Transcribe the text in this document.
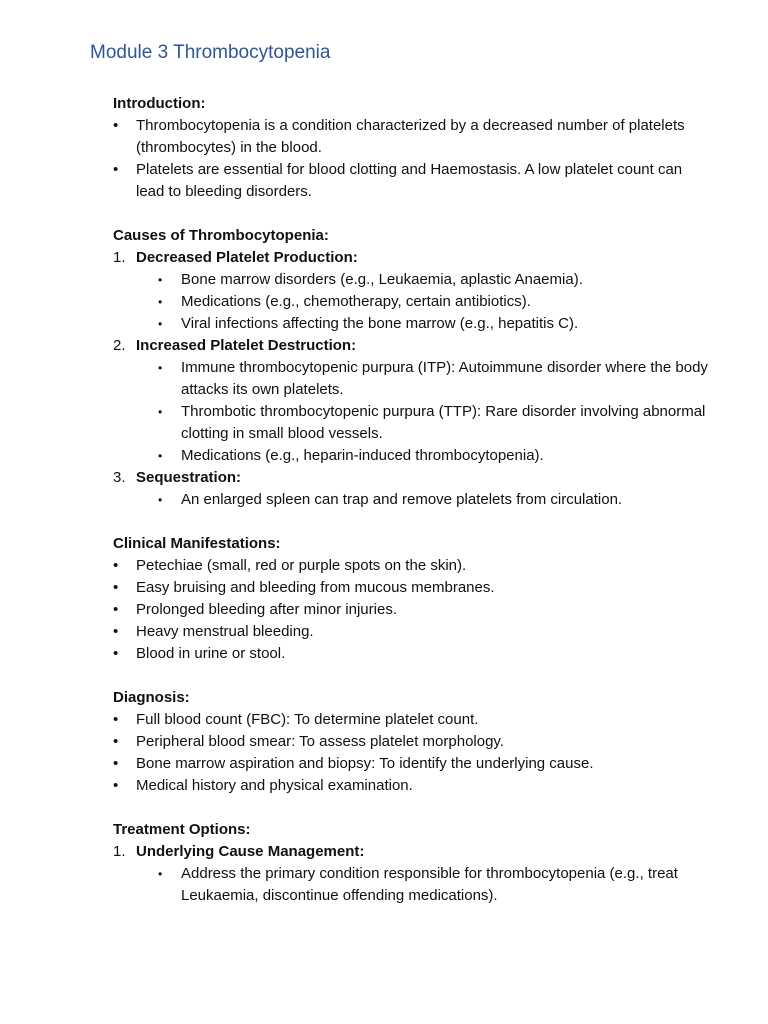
Module 3 Thrombocytopenia
Introduction:
• Thrombocytopenia is a condition characterized by a decreased number of platelets (thrombocytes) in the blood.
• Platelets are essential for blood clotting and Haemostasis. A low platelet count can lead to bleeding disorders.
Causes of Thrombocytopenia:
1. Decreased Platelet Production:
• Bone marrow disorders (e.g., Leukaemia, aplastic Anaemia).
• Medications (e.g., chemotherapy, certain antibiotics).
• Viral infections affecting the bone marrow (e.g., hepatitis C).
2. Increased Platelet Destruction:
• Immune thrombocytopenic purpura (ITP): Autoimmune disorder where the body attacks its own platelets.
• Thrombotic thrombocytopenic purpura (TTP): Rare disorder involving abnormal clotting in small blood vessels.
• Medications (e.g., heparin-induced thrombocytopenia).
3. Sequestration:
• An enlarged spleen can trap and remove platelets from circulation.
Clinical Manifestations:
• Petechiae (small, red or purple spots on the skin).
• Easy bruising and bleeding from mucous membranes.
• Prolonged bleeding after minor injuries.
• Heavy menstrual bleeding.
• Blood in urine or stool.
Diagnosis:
• Full blood count (FBC): To determine platelet count.
• Peripheral blood smear: To assess platelet morphology.
• Bone marrow aspiration and biopsy: To identify the underlying cause.
• Medical history and physical examination.
Treatment Options:
1. Underlying Cause Management:
• Address the primary condition responsible for thrombocytopenia (e.g., treat Leukaemia, discontinue offending medications).
